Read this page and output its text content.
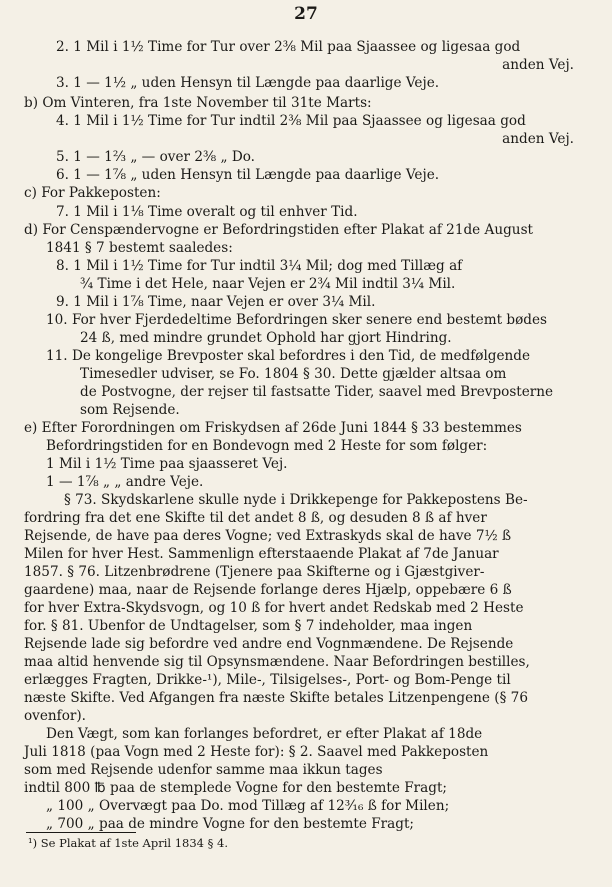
27
2. 1 Mil i 1½ Time for Tur over 2⅜ Mil paa Sjaassee og ligesaa god
anden Vej.
3. 1 — 1½ „ uden Hensyn til Længde paa daarlige Veje.
b) Om Vinteren, fra 1ste November til 31te Marts:
4. 1 Mil i 1½ Time for Tur indtil 2⅜ Mil paa Sjaassee og ligesaa god
anden Vej.
5. 1 — 1⅔ „ — over 2⅜ „ Do.
6. 1 — 1⅞ „ uden Hensyn til Længde paa daarlige Veje.
c) For Pakkeposten:
7. 1 Mil i 1⅛ Time overalt og til enhver Tid.
d) For Censpændervogne er Befordringstiden efter Plakat af 21de August
1841 § 7 bestemt saaledes:
8. 1 Mil i 1½ Time for Tur indtil 3¼ Mil; dog med Tillæg af
¾ Time i det Hele, naar Vejen er 2¾ Mil indtil 3¼ Mil.
9. 1 Mil i 1⅞ Time, naar Vejen er over 3¼ Mil.
10. For hver Fjerdedeltime Befordringen sker senere end bestemt bødes
24 ß, med mindre grundet Ophold har gjort Hindring.
11. De kongelige Brevposter skal befordres i den Tid, de medfølgende
Timesedler udviser, se Fo. 1804 § 30. Dette gjælder altsaa om
de Postvogne, der rejser til fastsatte Tider, saavel med Brevposterne
som Rejsende.
e) Efter Forordningen om Friskydsen af 26de Juni 1844 § 33 bestemmes
Befordringstiden for en Bondevogn med 2 Heste for som følger:
1 Mil i 1½ Time paa sjaasseret Vej.
1 — 1⅞ „ „ andre Veje.
§ 73. Skydskarlene skulle nyde i Drikkepenge for Pakkepostens Be-
fordring fra det ene Skifte til det andet 8 ß, og desuden 8 ß af hver
Rejsende, de have paa deres Vogne; ved Extraskyds skal de have 7½ ß
Milen for hver Hest. Sammenlign efterstaaende Plakat af 7de Januar
1857. § 76. Litzenbrødrene (Tjenere paa Skifterne og i Gjæstgiver-
gaardene) maa, naar de Rejsende forlange deres Hjælp, oppebære 6 ß
for hver Extra-Skydsvogn, og 10 ß for hvert andet Redskab med 2 Heste
for. § 81. Ubenfor de Undtagelser, som § 7 indeholder, maa ingen
Rejsende lade sig befordre ved andre end Vognmændene. De Rejsende
maa altid henvende sig til Opsynsmændene. Naar Befordringen bestilles,
erlægges Fragten, Drikke-¹), Mile-, Tilsigelses-, Port- og Bom-Penge til
næste Skifte. Ved Afgangen fra næste Skifte betales Litzenpengene (§ 76
ovenfor).
Den Vægt, som kan forlanges befordret, er efter Plakat af 18de
Juli 1818 (paa Vogn med 2 Heste for): § 2. Saavel med Pakkeposten
som med Rejsende udenfor samme maa ikkun tages
indtil 800 ℔ paa de stemplede Vogne for den bestemte Fragt;
„ 100 „ Overvægt paa Do. mod Tillæg af 12³⁄₁₆ ß for Milen;
„ 700 „ paa de mindre Vogne for den bestemte Fragt;
¹) Se Plakat af 1ste April 1834 § 4.
